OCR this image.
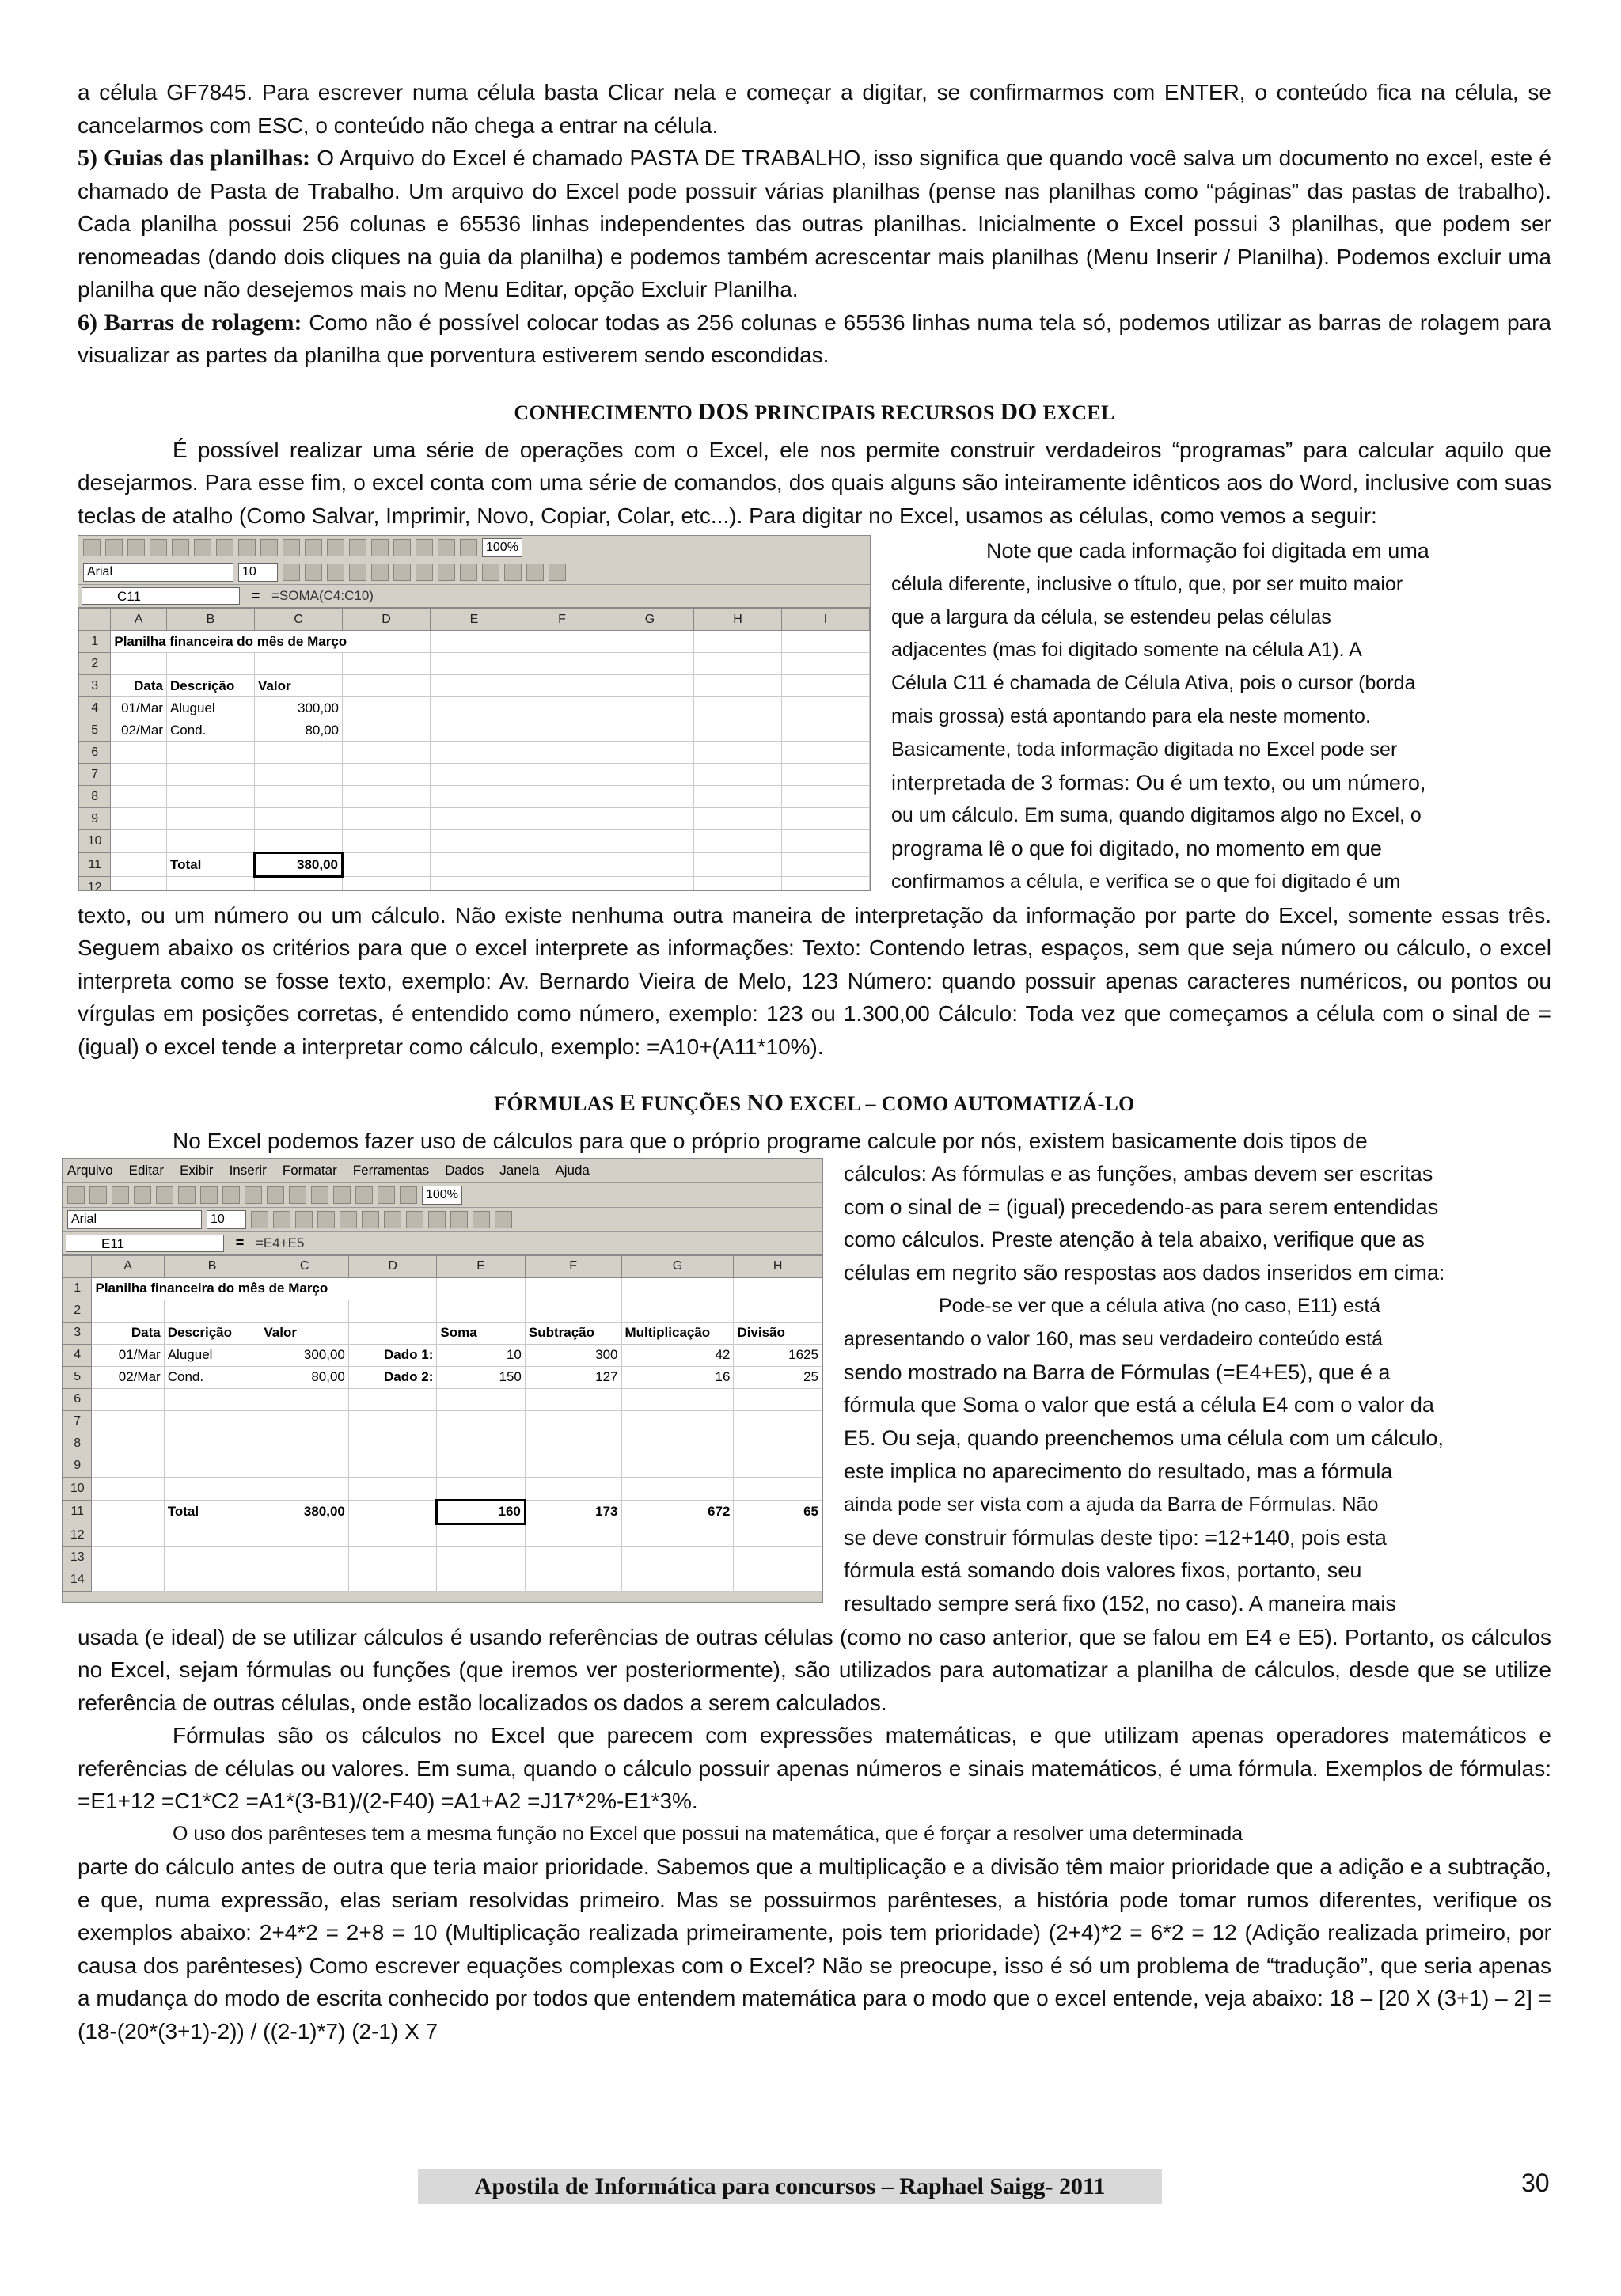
a célula GF7845. Para escrever numa célula basta Clicar nela e começar a digitar, se confirmarmos com ENTER, o conteúdo fica na célula, se cancelarmos com ESC, o conteúdo não chega a entrar na célula.

5) Guias das planilhas: O Arquivo do Excel é chamado PASTA DE TRABALHO, isso significa que quando você salva um documento no excel, este é chamado de Pasta de Trabalho. Um arquivo do Excel pode possuir várias planilhas (pense nas planilhas como “páginas” das pastas de trabalho). Cada planilha possui 256 colunas e 65536 linhas independentes das outras planilhas. Inicialmente o Excel possui 3 planilhas, que podem ser renomeadas (dando dois cliques na guia da planilha) e podemos também acrescentar mais planilhas (Menu Inserir / Planilha). Podemos excluir uma planilha que não desejemos mais no Menu Editar, opção Excluir Planilha.

6) Barras de rolagem: Como não é possível colocar todas as 256 colunas e 65536 linhas numa tela só, podemos utilizar as barras de rolagem para visualizar as partes da planilha que porventura estiverem sendo escondidas.

CONHECIMENTO DOS PRINCIPAIS RECURSOS DO EXCEL

É possível realizar uma série de operações com o Excel, ele nos permite construir verdadeiros “programas” para calcular aquilo que desejarmos. Para esse fim, o excel conta com uma série de comandos, dos quais alguns são inteiramente idênticos aos do Word, inclusive com suas teclas de atalho (Como Salvar, Imprimir, Novo, Copiar, Colar, etc...). Para digitar no Excel, usamos as células, como vemos a seguir:

100%
Arial	10
C11	= =SOMA(C4:C10)
	A	B	C	D	E	F	G	H	I
1	Planilha financeira do mês de Março								
2									
3	Data	Descrição	Valor						
4	01/Mar	Aluguel	300,00						
5	02/Mar	Cond.	80,00						
6									
7									
8									
9									
10									
11		Total	380,00						
12									

Note que cada informação foi digitada em uma

célula diferente, inclusive o título, que, por ser muito maior

que a largura da célula, se estendeu pelas células

adjacentes (mas foi digitado somente na célula A1). A

Célula C11 é chamada de Célula Ativa, pois o cursor (borda

mais grossa) está apontando para ela neste momento.

Basicamente, toda informação digitada no Excel pode ser

interpretada de 3 formas: Ou é um texto, ou um número,

ou um cálculo. Em suma, quando digitamos algo no Excel, o

programa lê o que foi digitado, no momento em que

confirmamos a célula, e verifica se o que foi digitado é um

texto, ou um número ou um cálculo. Não existe nenhuma outra maneira de interpretação da informação por parte do Excel, somente essas três. Seguem abaixo os critérios para que o excel interprete as informações: Texto: Contendo letras, espaços, sem que seja número ou cálculo, o excel interpreta como se fosse texto, exemplo: Av. Bernardo Vieira de Melo, 123 Número: quando possuir apenas caracteres numéricos, ou pontos ou vírgulas em posições corretas, é entendido como número, exemplo: 123 ou 1.300,00 Cálculo: Toda vez que começamos a célula com o sinal de = (igual) o excel tende a interpretar como cálculo, exemplo: =A10+(A11*10%).

FÓRMULAS E FUNÇÕES NO EXCEL – COMO AUTOMATIZÁ-LO

No Excel podemos fazer uso de cálculos para que o próprio programe calcule por nós, existem basicamente dois tipos de

Arquivo Editar Exibir Inserir Formatar Ferramentas Dados Janela Ajuda
100%
Arial	10
E11	= =E4+E5
	A	B	C	D	E	F	G	H
1	Planilha financeira do mês de Março							
2								
3	Data	Descrição	Valor		Soma	Subtração	Multiplicação	Divisão
4	01/Mar	Aluguel	300,00	Dado 1:	10	300	42	1625
5	02/Mar	Cond.	80,00	Dado 2:	150	127	16	25
6								
7								
8								
9								
10								
11		Total	380,00		160	173	672	65
12								
13								
14								

cálculos: As fórmulas e as funções, ambas devem ser escritas

com o sinal de = (igual) precedendo-as para serem entendidas

como cálculos. Preste atenção à tela abaixo, verifique que as

células em negrito são respostas aos dados inseridos em cima:

Pode-se ver que a célula ativa (no caso, E11) está

apresentando o valor 160, mas seu verdadeiro conteúdo está

sendo mostrado na Barra de Fórmulas (=E4+E5), que é a

fórmula que Soma o valor que está a célula E4 com o valor da

E5. Ou seja, quando preenchemos uma célula com um cálculo,

este implica no aparecimento do resultado, mas a fórmula

ainda pode ser vista com a ajuda da Barra de Fórmulas. Não

se deve construir fórmulas deste tipo: =12+140, pois esta

fórmula está somando dois valores fixos, portanto, seu

resultado sempre será fixo (152, no caso). A maneira mais

usada (e ideal) de se utilizar cálculos é usando referências de outras células (como no caso anterior, que se falou em E4 e E5). Portanto, os cálculos no Excel, sejam fórmulas ou funções (que iremos ver posteriormente), são utilizados para automatizar a planilha de cálculos, desde que se utilize referência de outras células, onde estão localizados os dados a serem calculados.

Fórmulas são os cálculos no Excel que parecem com expressões matemáticas, e que utilizam apenas operadores matemáticos e referências de células ou valores. Em suma, quando o cálculo possuir apenas números e sinais matemáticos, é uma fórmula. Exemplos de fórmulas: =E1+12 =C1*C2 =A1*(3-B1)/(2-F40) =A1+A2 =J17*2%-E1*3%.

O uso dos parênteses tem a mesma função no Excel que possui na matemática, que é forçar a resolver uma determinada

parte do cálculo antes de outra que teria maior prioridade. Sabemos que a multiplicação e a divisão têm maior prioridade que a adição e a subtração, e que, numa expressão, elas seriam resolvidas primeiro. Mas se possuirmos parênteses, a história pode tomar rumos diferentes, verifique os exemplos abaixo: 2+4*2 = 2+8 = 10 (Multiplicação realizada primeiramente, pois tem prioridade) (2+4)*2 = 6*2 = 12 (Adição realizada primeiro, por causa dos parênteses) Como escrever equações complexas com o Excel? Não se preocupe, isso é só um problema de “tradução”, que seria apenas a mudança do modo de escrita conhecido por todos que entendem matemática para o modo que o excel entende, veja abaixo: 18 – [20 X (3+1) – 2] =(18-(20*(3+1)-2)) / ((2-1)*7) (2-1) X 7

Apostila de Informática para concursos – Raphael Saigg- 2011	30
